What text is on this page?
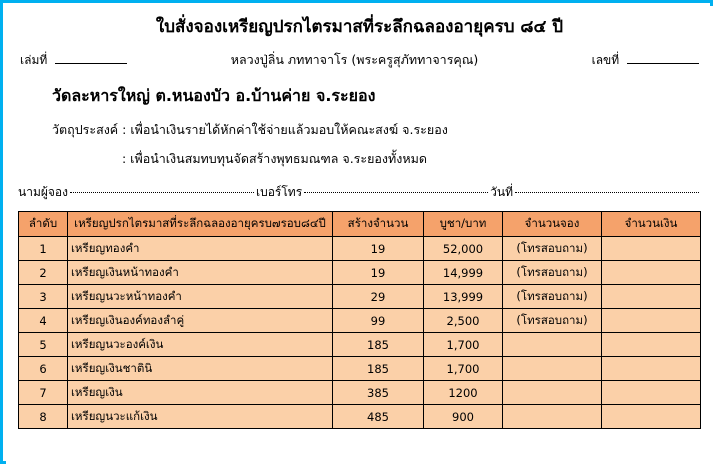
ใบสั่งจองเหรียญปรกไตรมาสที่ระลึกฉลองอายุครบ ๘๔ ปี
เล่มที่	หลวงปู่ลิ่น ภททาจาโร (พระครูสุภัททาจารคุณ)	เลขที่
วัดละหารใหญ่ ต.หนองบัว อ.บ้านค่าย จ.ระยอง
วัตถุประสงค์ : เพื่อนำเงินรายได้หักค่าใช้จ่ายแล้วมอบให้คณะสงฆ์ จ.ระยอง
: เพื่อนำเงินสมทบทุนจัดสร้างพุทธมณฑล จ.ระยองทั้งหมด
นามผู้จอง	เบอร์โทร	วันที่
ลำดับ	เหรียญปรกไตรมาสที่ระลึกฉลองอายุครบ๗รอบ๘๔ปี	สร้างจำนวน	บูชา/บาท	จำนวนจอง	จำนวนเงิน
1	เหรียญทองคำ	19	52,000	(โทรสอบถาม)	
2	เหรียญเงินหน้าทองคำ	19	14,999	(โทรสอบถาม)	
3	เหรียญนวะหน้าทองคำ	29	13,999	(โทรสอบถาม)	
4	เหรียญเงินองค์ทองลำคู่	99	2,500	(โทรสอบถาม)	
5	เหรียญนวะองค์เงิน	185	1,700		
6	เหรียญเงินชาตินิ	185	1,700		
7	เหรียญเงิน	385	1200		
8	เหรียญนวะแก้เงิน	485	900		
